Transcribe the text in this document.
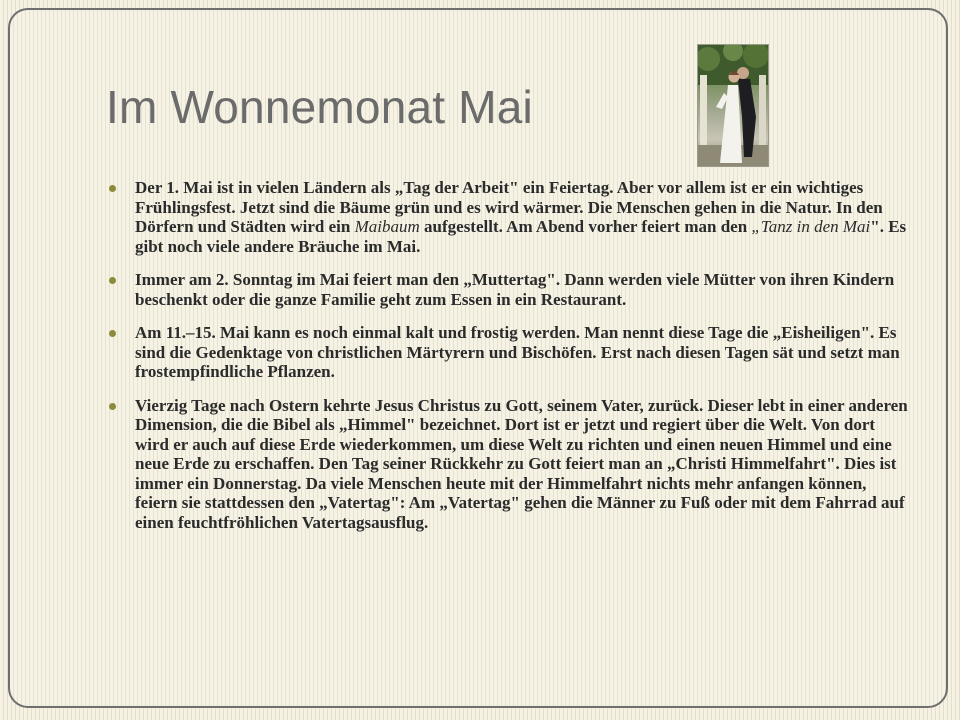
Im Wonnemonat Mai
Der 1. Mai ist in vielen Ländern als „Tag der Arbeit" ein Feiertag. Aber vor allem ist er ein wichtiges Frühlingsfest. Jetzt sind die Bäume grün und es wird wärmer. Die Menschen gehen in die Natur. In den Dörfern und Städten wird ein Maibaum aufgestellt. Am Abend vorher feiert man den „Tanz in den Mai". Es gibt noch viele andere Bräuche im Mai.
Immer am 2. Sonntag im Mai feiert man den „Muttertag". Dann werden viele Mütter von ihren Kindern beschenkt oder die ganze Familie geht zum Essen in ein Restaurant.
Am 11.–15. Mai kann es noch einmal kalt und frostig werden. Man nennt diese Tage die „Eisheiligen". Es sind die Gedenktage von christlichen Märtyrern und Bischöfen. Erst nach diesen Tagen sät und setzt man frostempfindliche Pflanzen.
Vierzig Tage nach Ostern kehrte Jesus Christus zu Gott, seinem Vater, zurück. Dieser lebt in einer anderen Dimension, die die Bibel als „Himmel" bezeichnet. Dort ist er jetzt und regiert über die Welt. Von dort wird er auch auf diese Erde wiederkommen, um diese Welt zu richten und einen neuen Himmel und eine neue Erde zu erschaffen. Den Tag seiner Rückkehr zu Gott feiert man an „Christi Himmelfahrt". Dies ist immer ein Donnerstag. Da viele Menschen heute mit der Himmelfahrt nichts mehr anfangen können, feiern sie stattdessen den „Vatertag": Am „Vatertag" gehen die Männer zu Fuß oder mit dem Fahrrad auf einen feuchtfröhlichen Vatertagsausflug.
